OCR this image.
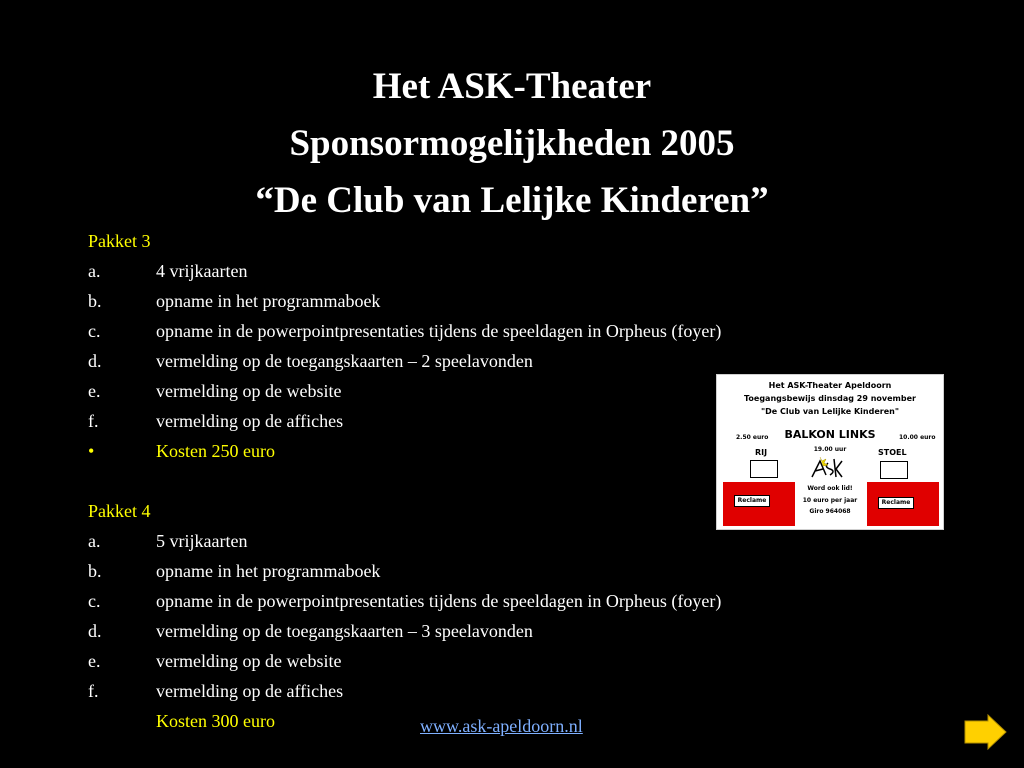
Het ASK-Theater
Sponsormogelijkheden 2005
“De Club van Lelijke Kinderen”
Pakket 3
a.	4 vrijkaarten
b.	opname in het programmaboek
c.	opname in de powerpointpresentaties tijdens de speeldagen in Orpheus (foyer)
d.	vermelding op de toegangskaarten – 2 speelavonden
e.	vermelding op de website
f.	vermelding op de affiches
•	Kosten 250 euro
Pakket 4
a.	5 vrijkaarten
b.	opname in het programmaboek
c.	opname in de powerpointpresentaties tijdens de speeldagen in Orpheus (foyer)
d.	vermelding op de toegangskaarten – 3 speelavonden
e.	vermelding op de website
f.	vermelding op de affiches
Kosten 300 euro
Het ASK-Theater Apeldoorn
Toegangsbewijs dinsdag 29 november
"De Club van Lelijke Kinderen"
2.50 euro	BALKON LINKS	10.00 euro
RIJ	19.00 uur	STOEL
Reclame	Reclame
Word ook lid!
10 euro per jaar
Giro 964068
www.ask-apeldoorn.nl
